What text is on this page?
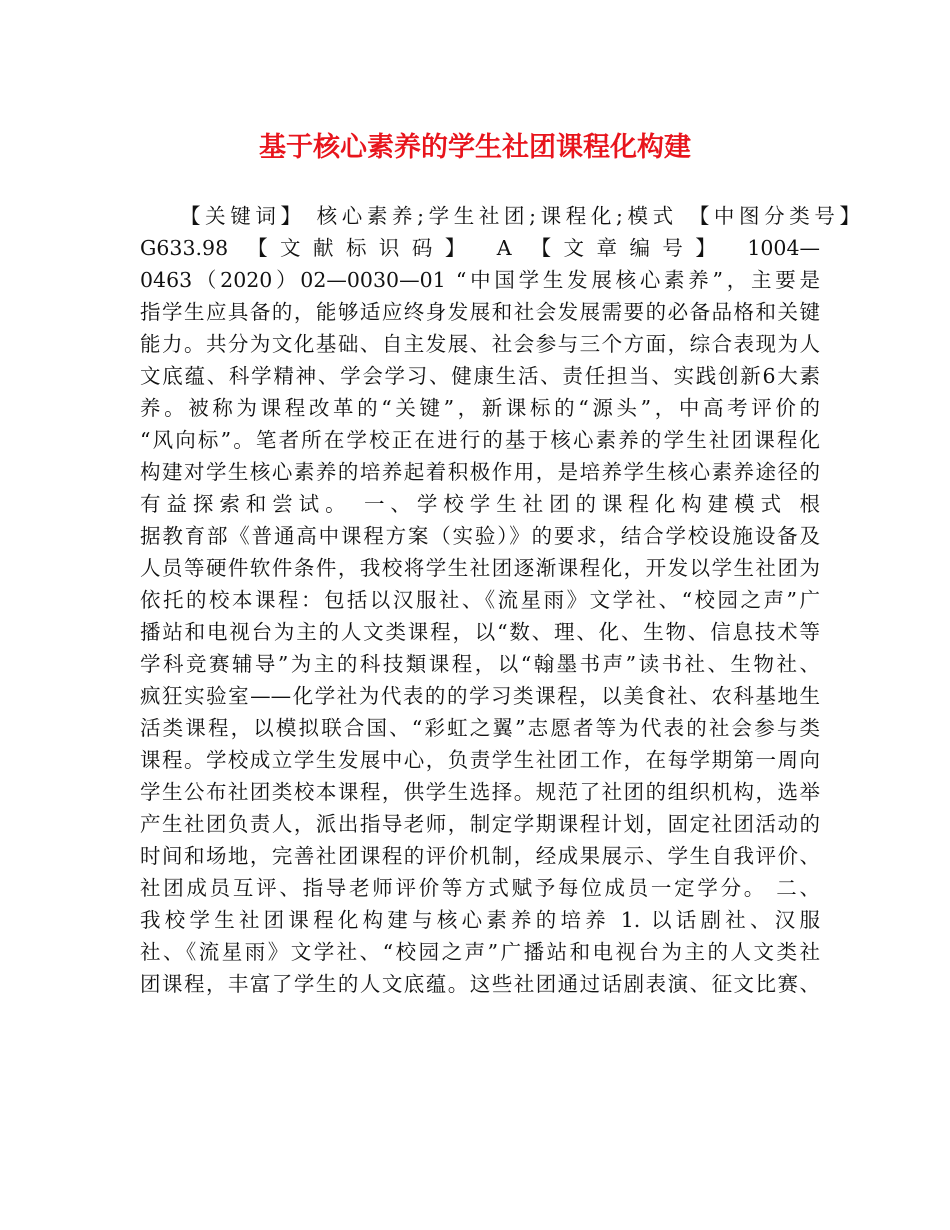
基于核心素养的学生社团课程化构建
【关键词】 核心素养;学生社团;课程化;模式 【中图分类号】
G633.98 【文献标识码】 A 【文章编号】 1004—
0463（2020）02—0030—01 “中国学生发展核心素养”，主要是
指学生应具备的，能够适应终身发展和社会发展需要的必备品格和关键
能力。共分为文化基础、自主发展、社会参与三个方面，综合表现为人
文底蕴、科学精神、学会学习、健康生活、责任担当、实践创新6大素
养。被称为课程改革的“关键”，新课标的“源头”，中高考评价的
“风向标”。笔者所在学校正在进行的基于核心素养的学生社团课程化
构建对学生核心素养的培养起着积极作用，是培养学生核心素养途径的
有益探索和尝试。 一、学校学生社团的课程化构建模式 根
据教育部《普通高中课程方案（实验）》的要求，结合学校设施设备及
人员等硬件软件条件，我校将学生社团逐渐课程化，开发以学生社团为
依托的校本课程：包括以汉服社、《流星雨》文学社、“校园之声”广
播站和电视台为主的人文类课程，以“数、理、化、生物、信息技术等
学科竞赛辅导”为主的科技類课程，以“翰墨书声”读书社、生物社、
疯狂实验室——化学社为代表的的学习类课程，以美食社、农科基地生
活类课程，以模拟联合国、“彩虹之翼”志愿者等为代表的社会参与类
课程。学校成立学生发展中心，负责学生社团工作，在每学期第一周向
学生公布社团类校本课程，供学生选择。规范了社团的组织机构，选举
产生社团负责人，派出指导老师，制定学期课程计划，固定社团活动的
时间和场地，完善社团课程的评价机制，经成果展示、学生自我评价、
社团成员互评、指导老师评价等方式赋予每位成员一定学分。 二、
我校学生社团课程化构建与核心素养的培养 1. 以话剧社、汉服
社、《流星雨》文学社、“校园之声”广播站和电视台为主的人文类社
团课程，丰富了学生的人文底蕴。这些社团通过话剧表演、征文比赛、
